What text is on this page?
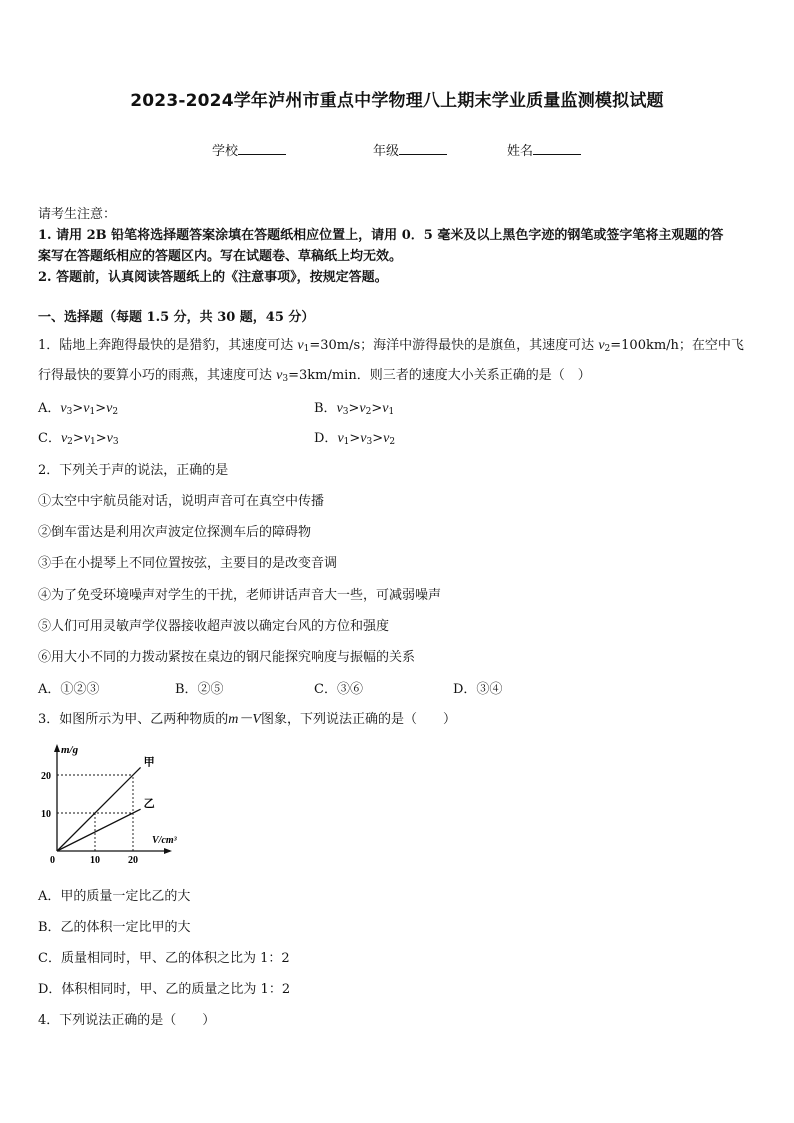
2023-2024学年泸州市重点中学物理八上期末学业质量监测模拟试题
学校	年级	姓名
请考生注意：
1. 请用 2B 铅笔将选择题答案涂填在答题纸相应位置上，请用 0．5 毫米及以上黑色字迹的钢笔或签字笔将主观题的答
案写在答题纸相应的答题区内。写在试题卷、草稿纸上均无效。
2. 答题前，认真阅读答题纸上的《注意事项》，按规定答题。
一、选择题（每题 1.5 分，共 30 题，45 分）
1．陆地上奔跑得最快的是猎豹，其速度可达 $v_1=30m/s$；海洋中游得最快的是旗鱼，其速度可达 $v_2=100km/h$；在空中飞
行得最快的要算小巧的雨燕，其速度可达 $v_3=3km/\min$．则三者的速度大小关系正确的是（　）
A．$v_3>v_1>v_2$	B．$v_3>v_2>v_1$
C．$v_2>v_1>v_3$	D．$v_1>v_3>v_2$
2．下列关于声的说法，正确的是
①太空中宇航员能对话，说明声音可在真空中传播
②倒车雷达是利用次声波定位探测车后的障碍物
③手在小提琴上不同位置按弦，主要目的是改变音调
④为了免受环境噪声对学生的干扰，老师讲话声音大一些，可减弱噪声
⑤人们可用灵敏声学仪器接收超声波以确定台风的方位和强度
⑥用大小不同的力拨动紧按在桌边的钢尺能探究响度与振幅的关系
A．①②③	B．②⑤	C．③⑥	D．③④
3．如图所示为甲、乙两种物质的m－V图象，下列说法正确的是（　　）
m/g
V/cm³
10	20
10
20
0
甲
乙
A．甲的质量一定比乙的大
B．乙的体积一定比甲的大
C．质量相同时，甲、乙的体积之比为 1：2
D．体积相同时，甲、乙的质量之比为 1：2
4．下列说法正确的是（　　）
